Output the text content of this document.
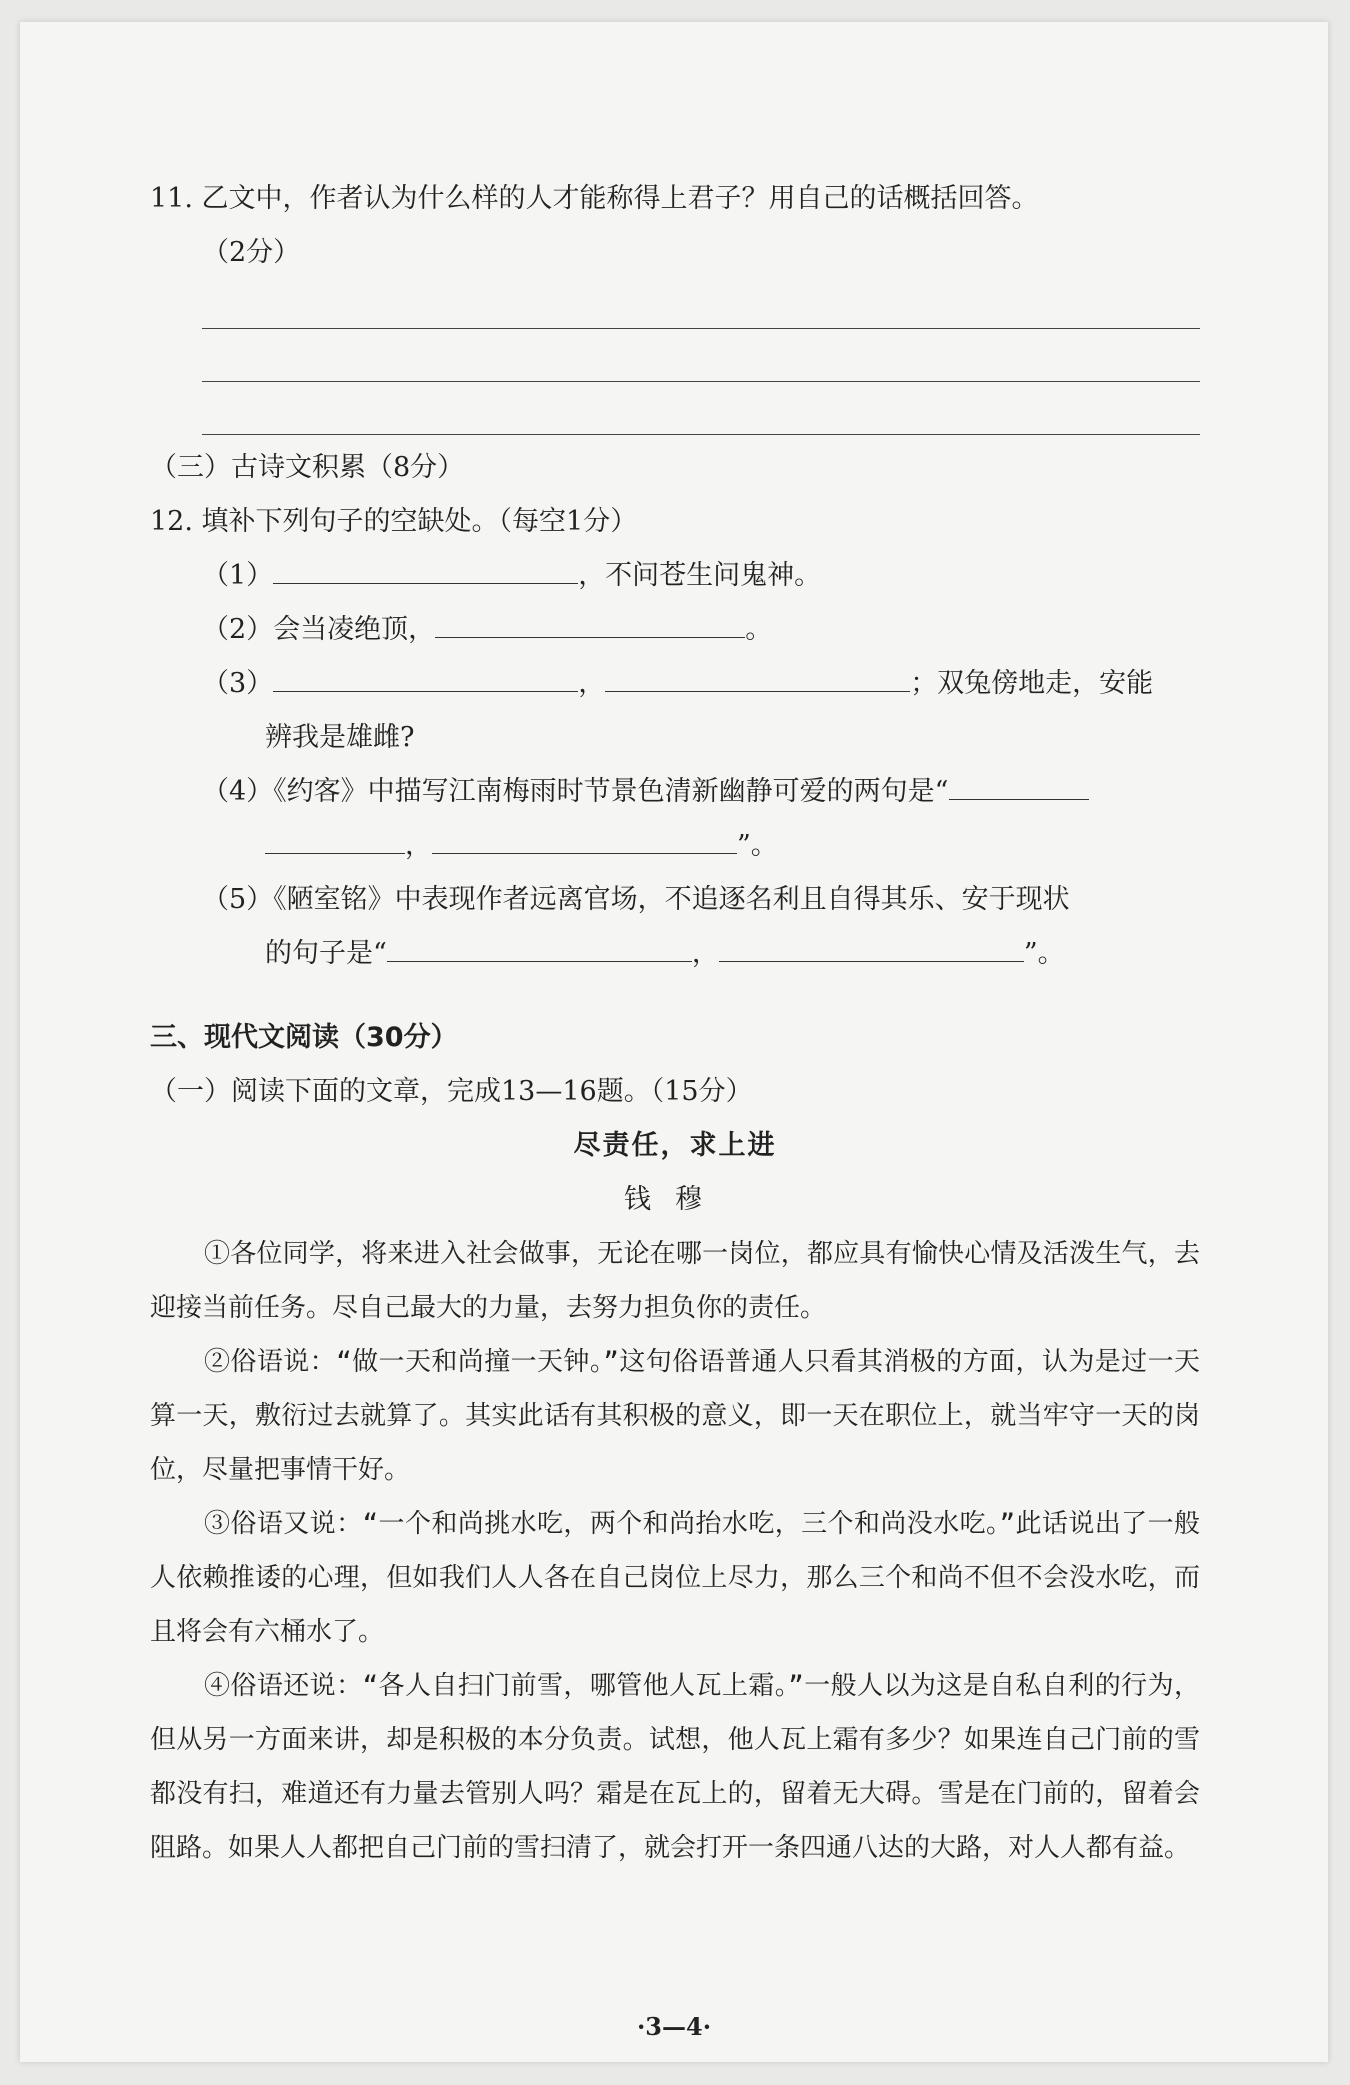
11. 乙文中，作者认为什么样的人才能称得上君子？用自己的话概括回答。
（2分）
（三）古诗文积累（8分）
12. 填补下列句子的空缺处。（每空1分）
（1）	，不问苍生问鬼神。
（2）会当凌绝顶，	。
（3）	，	；双兔傍地走，安能
辨我是雄雌?
（4）《约客》中描写江南梅雨时节景色清新幽静可爱的两句是“
，	”。
（5）《陋室铭》中表现作者远离官场，不追逐名利且自得其乐、安于现状
的句子是“	，	”。
三、现代文阅读（30分）
（一）阅读下面的文章，完成13—16题。（15分）
尽责任，求上进
钱穆
①各位同学，将来进入社会做事，无论在哪一岗位，都应具有愉快心情及活泼生气，去迎接当前任务。尽自己最大的力量，去努力担负你的责任。
②俗语说：“做一天和尚撞一天钟。”这句俗语普通人只看其消极的方面，认为是过一天算一天，敷衍过去就算了。其实此话有其积极的意义，即一天在职位上，就当牢守一天的岗位，尽量把事情干好。
③俗语又说：“一个和尚挑水吃，两个和尚抬水吃，三个和尚没水吃。”此话说出了一般人依赖推诿的心理，但如我们人人各在自己岗位上尽力，那么三个和尚不但不会没水吃，而且将会有六桶水了。
④俗语还说：“各人自扫门前雪，哪管他人瓦上霜。”一般人以为这是自私自利的行为，但从另一方面来讲，却是积极的本分负责。试想，他人瓦上霜有多少？如果连自己门前的雪都没有扫，难道还有力量去管别人吗？霜是在瓦上的，留着无大碍。雪是在门前的，留着会阻路。如果人人都把自己门前的雪扫清了，就会打开一条四通八达的大路，对人人都有益。
·3—4·
